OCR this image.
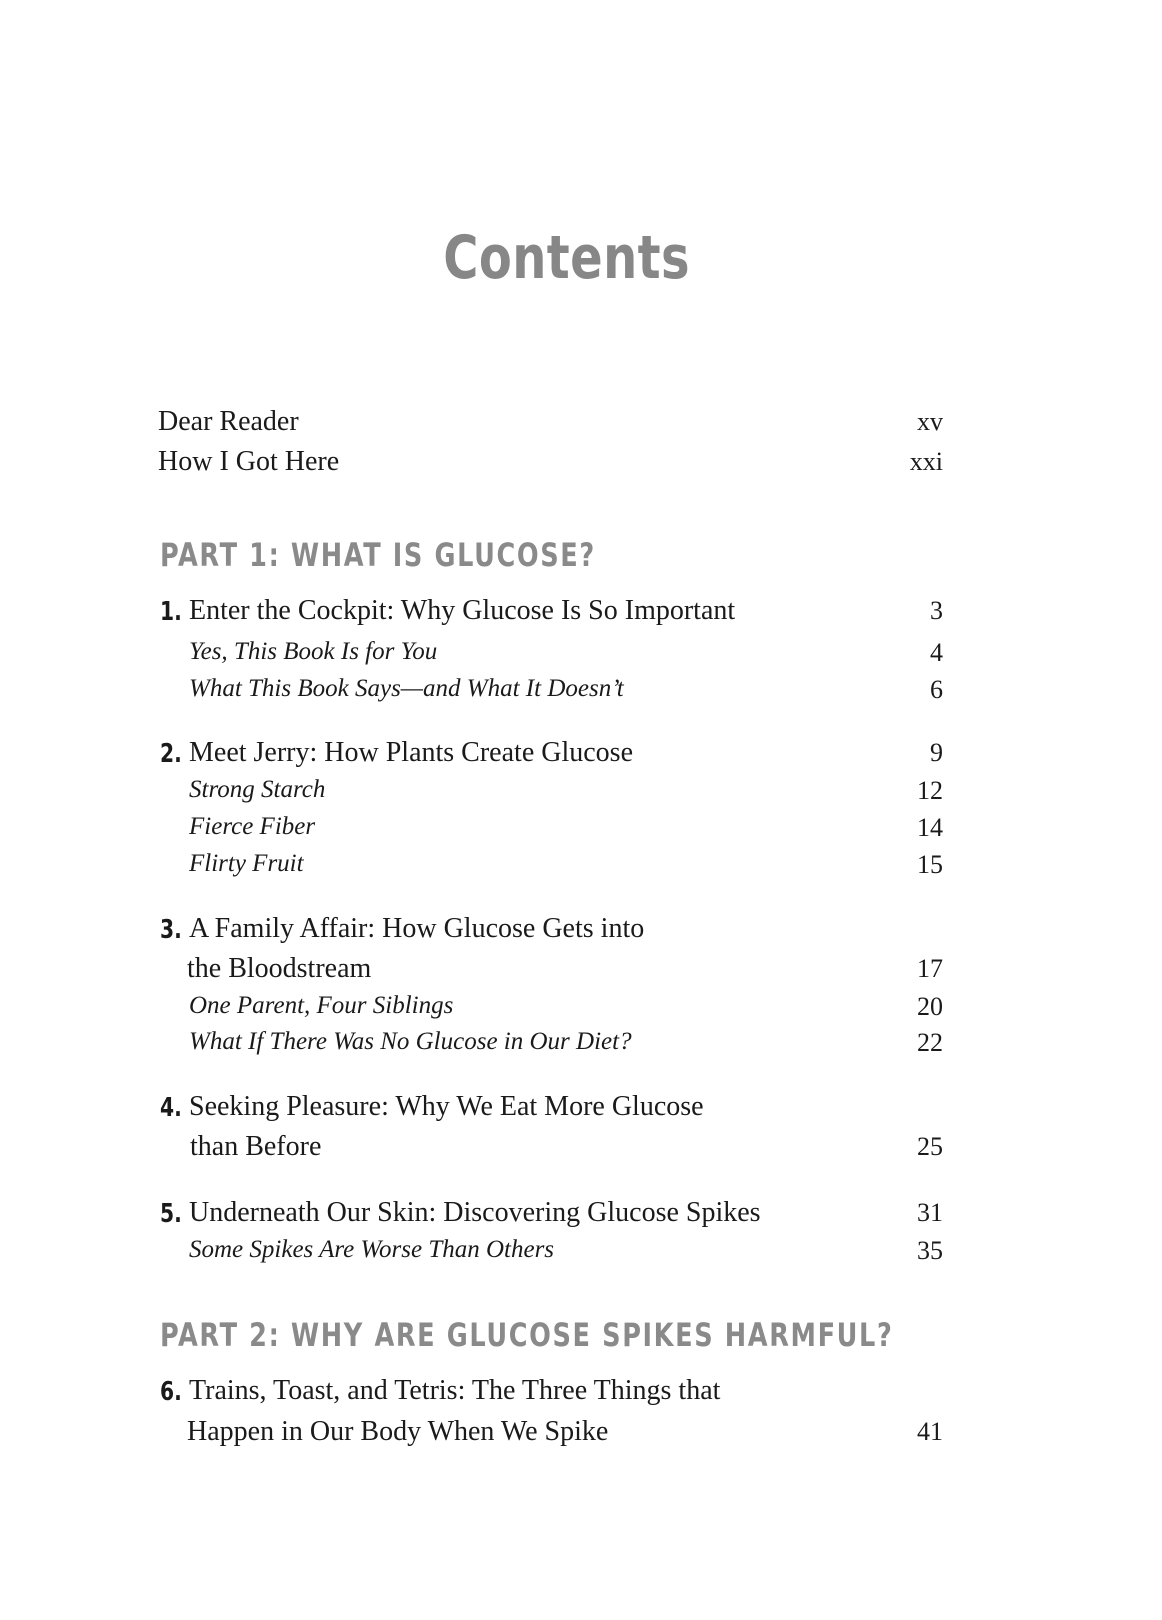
Contents
Dear Reader	xv
How I Got Here	xxi
PART 1: WHAT IS GLUCOSE?
1. Enter the Cockpit: Why Glucose Is So Important	3
Yes, This Book Is for You	4
What This Book Says—and What It Doesn’t	6
2. Meet Jerry: How Plants Create Glucose	9
Strong Starch	12
Fierce Fiber	14
Flirty Fruit	15
3. A Family Affair: How Glucose Gets into
the Bloodstream	17
One Parent, Four Siblings	20
What If There Was No Glucose in Our Diet?	22
4. Seeking Pleasure: Why We Eat More Glucose
than Before	25
5. Underneath Our Skin: Discovering Glucose Spikes	31
Some Spikes Are Worse Than Others	35
PART 2: WHY ARE GLUCOSE SPIKES HARMFUL?
6. Trains, Toast, and Tetris: The Three Things that
Happen in Our Body When We Spike	41
